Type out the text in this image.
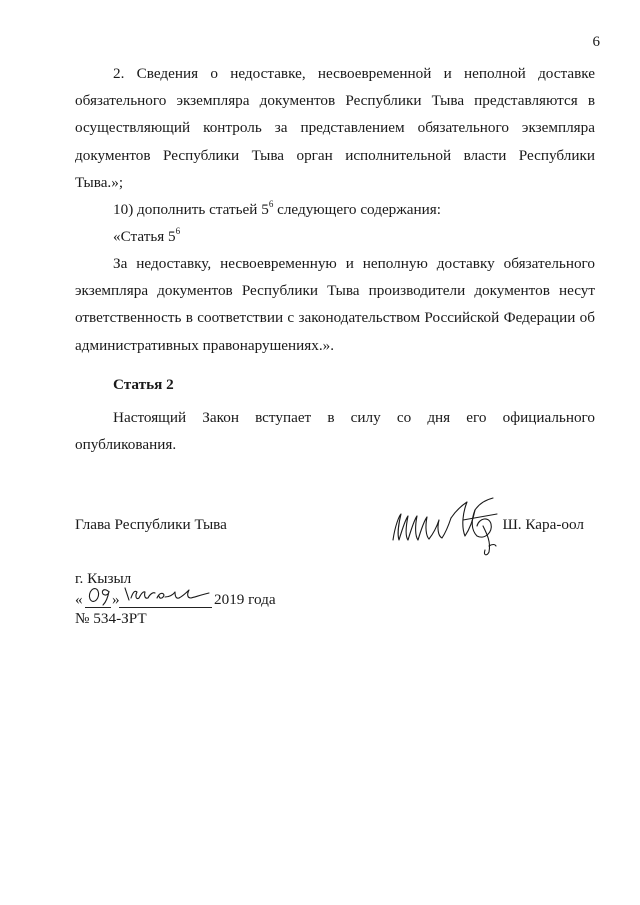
6
2. Сведения о недоставке, несвоевременной и неполной доставке
обязательного экземпляра документов Республики Тыва представляются в
осуществляющий контроль за представлением обязательного экземпляра
документов Республики Тыва орган исполнительной власти Республики
Тыва.»;
10) дополнить статьей $5^6$ следующего содержания:
«Статья $5^6$
За недоставку, несвоевременную и неполную доставку обязательного
экземпляра документов Республики Тыва производители документов несут
ответственность в соответствии с законодательством Российской Федерации об
административных правонарушениях.».
Статья 2
Настоящий Закон вступает в силу со дня его официального
опубликования.
Глава Республики Тыва	Ш. Кара-оол
г. Кызыл
« »	2019 года
№ 534-ЗРТ
